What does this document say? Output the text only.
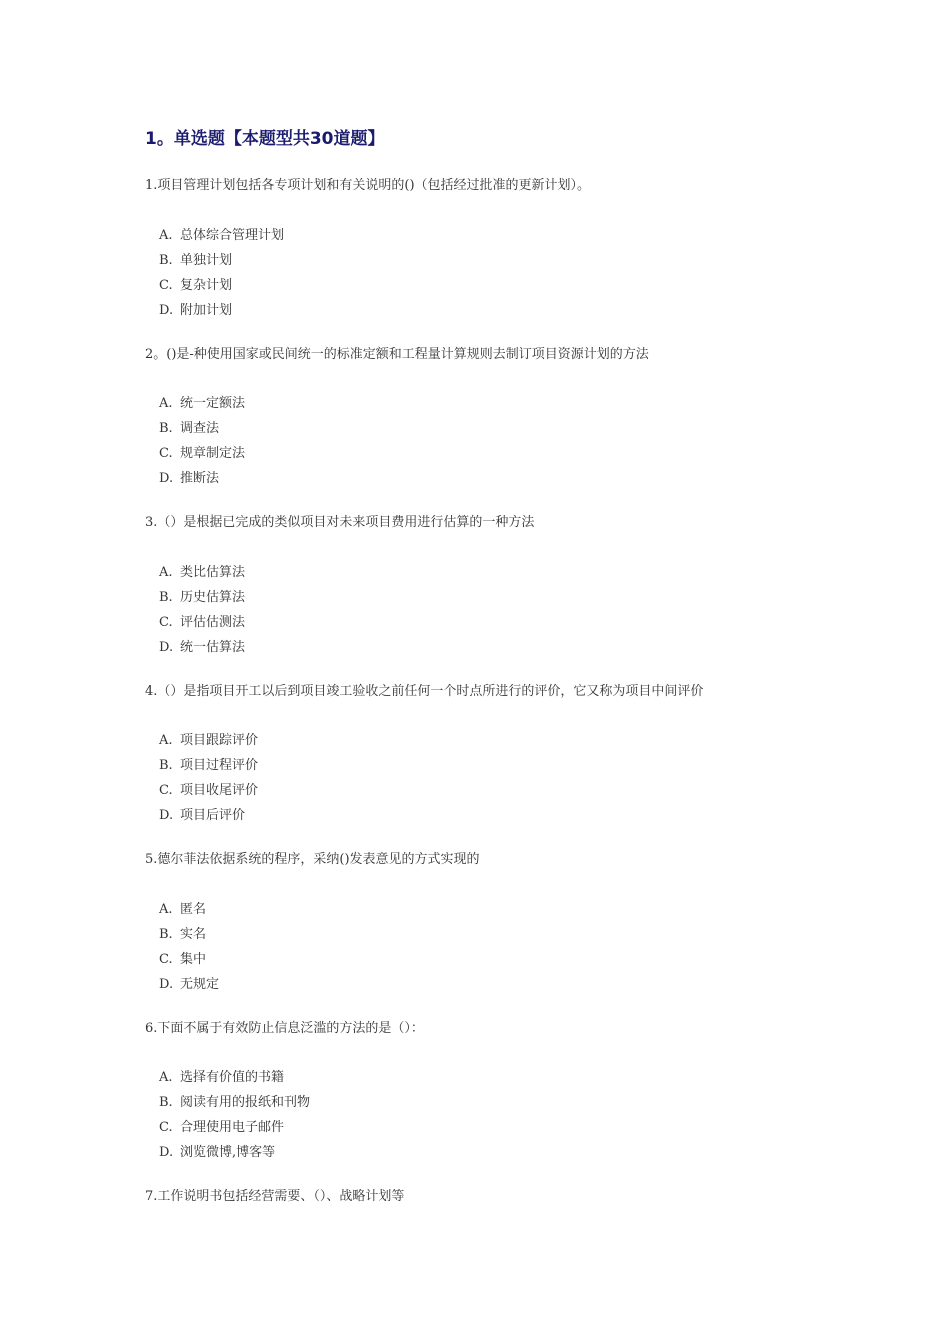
1。单选题【本题型共30道题】

1.项目管理计划包括各专项计划和有关说明的()（包括经过批准的更新计划）。

A. 总体综合管理计划
B. 单独计划
C. 复杂计划
D. 附加计划

2。()是-种使用国家或民间统一的标准定额和工程量计算规则去制订项目资源计划的方法

A. 统一定额法
B. 调查法
C. 规章制定法
D. 推断法

3.（）是根据已完成的类似项目对未来项目费用进行估算的一种方法

A. 类比估算法
B. 历史估算法
C. 评估估测法
D. 统一估算法

4.（）是指项目开工以后到项目竣工验收之前任何一个时点所进行的评价，它又称为项目中间评价

A. 项目跟踪评价
B. 项目过程评价
C. 项目收尾评价
D. 项目后评价

5.德尔菲法依据系统的程序，采纳()发表意见的方式实现的

A. 匿名
B. 实名
C. 集中
D. 无规定

6.下面不属于有效防止信息泛滥的方法的是（）：

A. 选择有价值的书籍
B. 阅读有用的报纸和刊物
C. 合理使用电子邮件
D. 浏览微博,博客等

7.工作说明书包括经营需要、（）、战略计划等
